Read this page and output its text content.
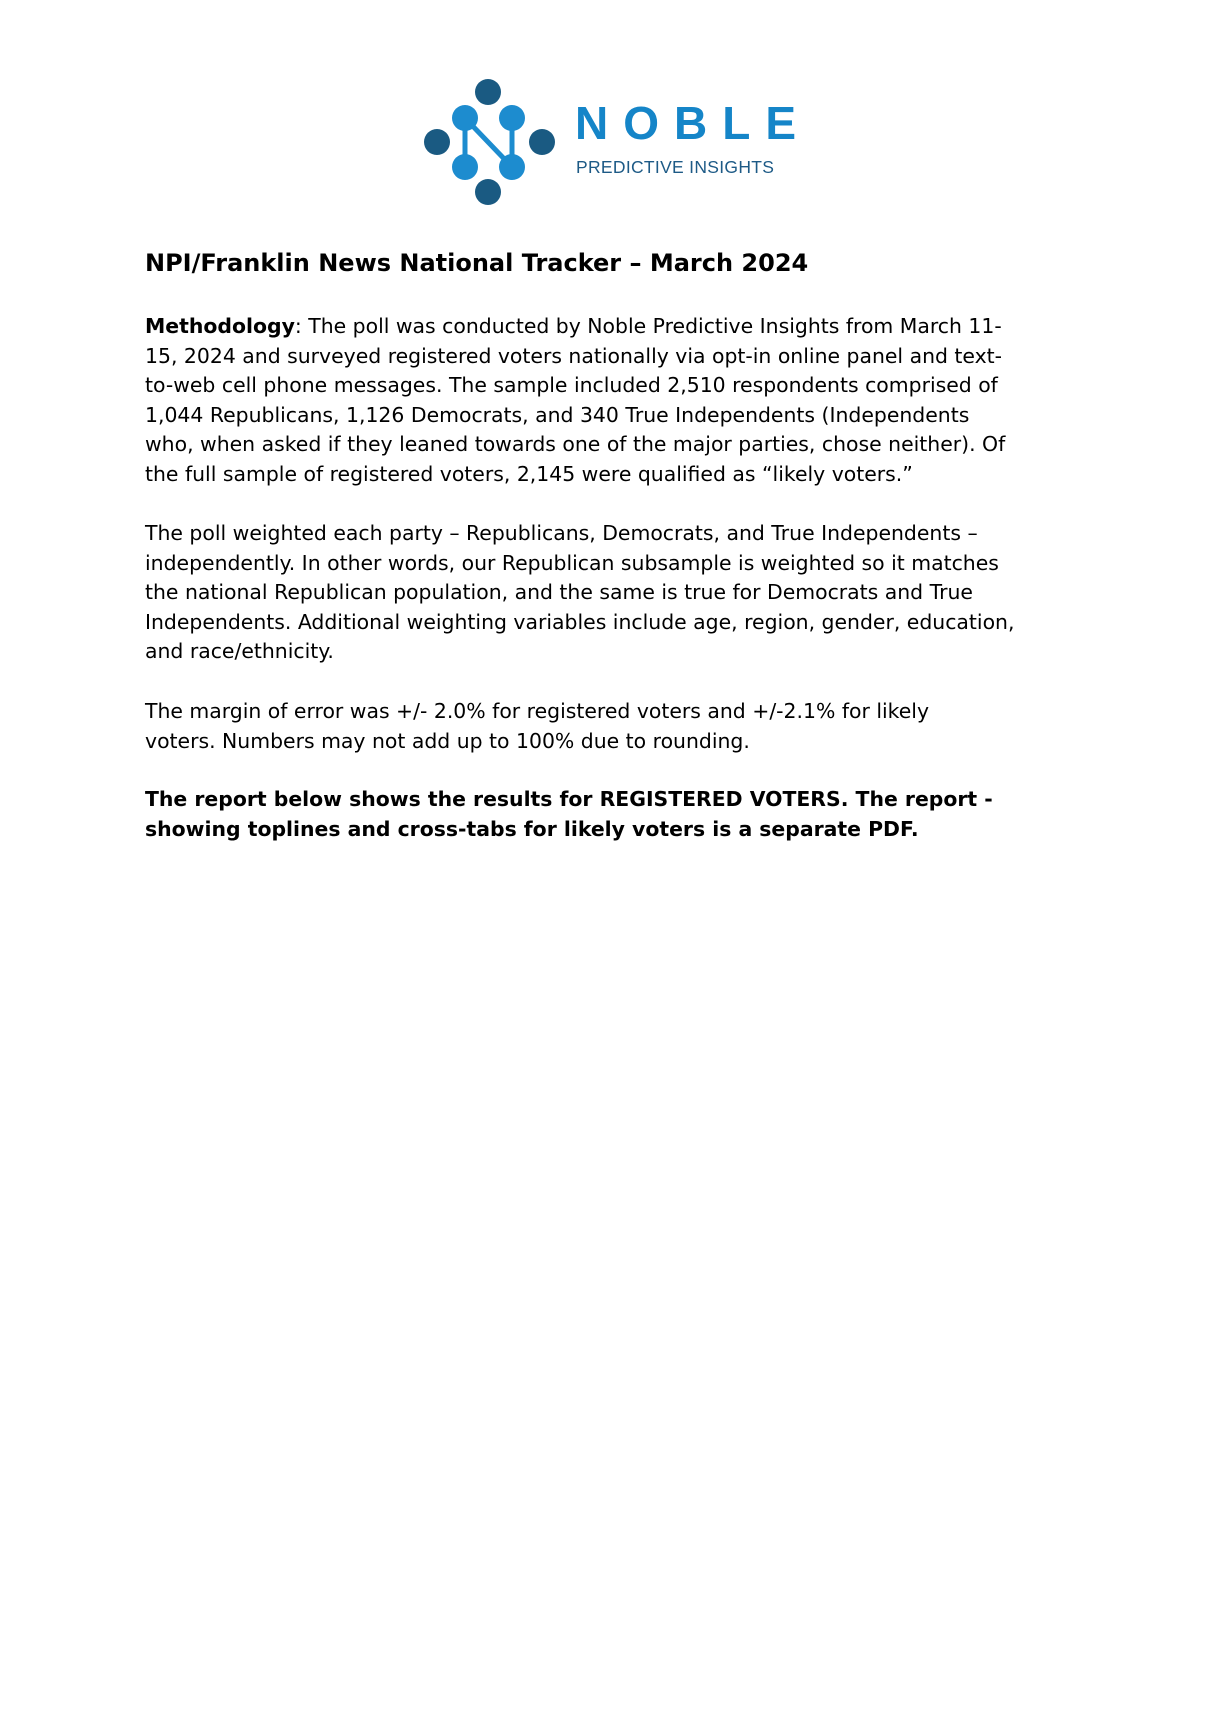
NOBLE
PREDICTIVE INSIGHTS
NPI/Franklin News National Tracker – March 2024

Methodology: The poll was conducted by Noble Predictive Insights from March 11-
15, 2024 and surveyed registered voters nationally via opt-in online panel and text-
to-web cell phone messages. The sample included 2,510 respondents comprised of
1,044 Republicans, 1,126 Democrats, and 340 True Independents (Independents
who, when asked if they leaned towards one of the major parties, chose neither). Of
the full sample of registered voters, 2,145 were qualified as “likely voters.”

The poll weighted each party – Republicans, Democrats, and True Independents –
independently. In other words, our Republican subsample is weighted so it matches
the national Republican population, and the same is true for Democrats and True
Independents. Additional weighting variables include age, region, gender, education,
and race/ethnicity.

The margin of error was +/- 2.0% for registered voters and +/-2.1% for likely
voters. Numbers may not add up to 100% due to rounding.

The report below shows the results for REGISTERED VOTERS. The report -
showing toplines and cross-tabs for likely voters is a separate PDF.
